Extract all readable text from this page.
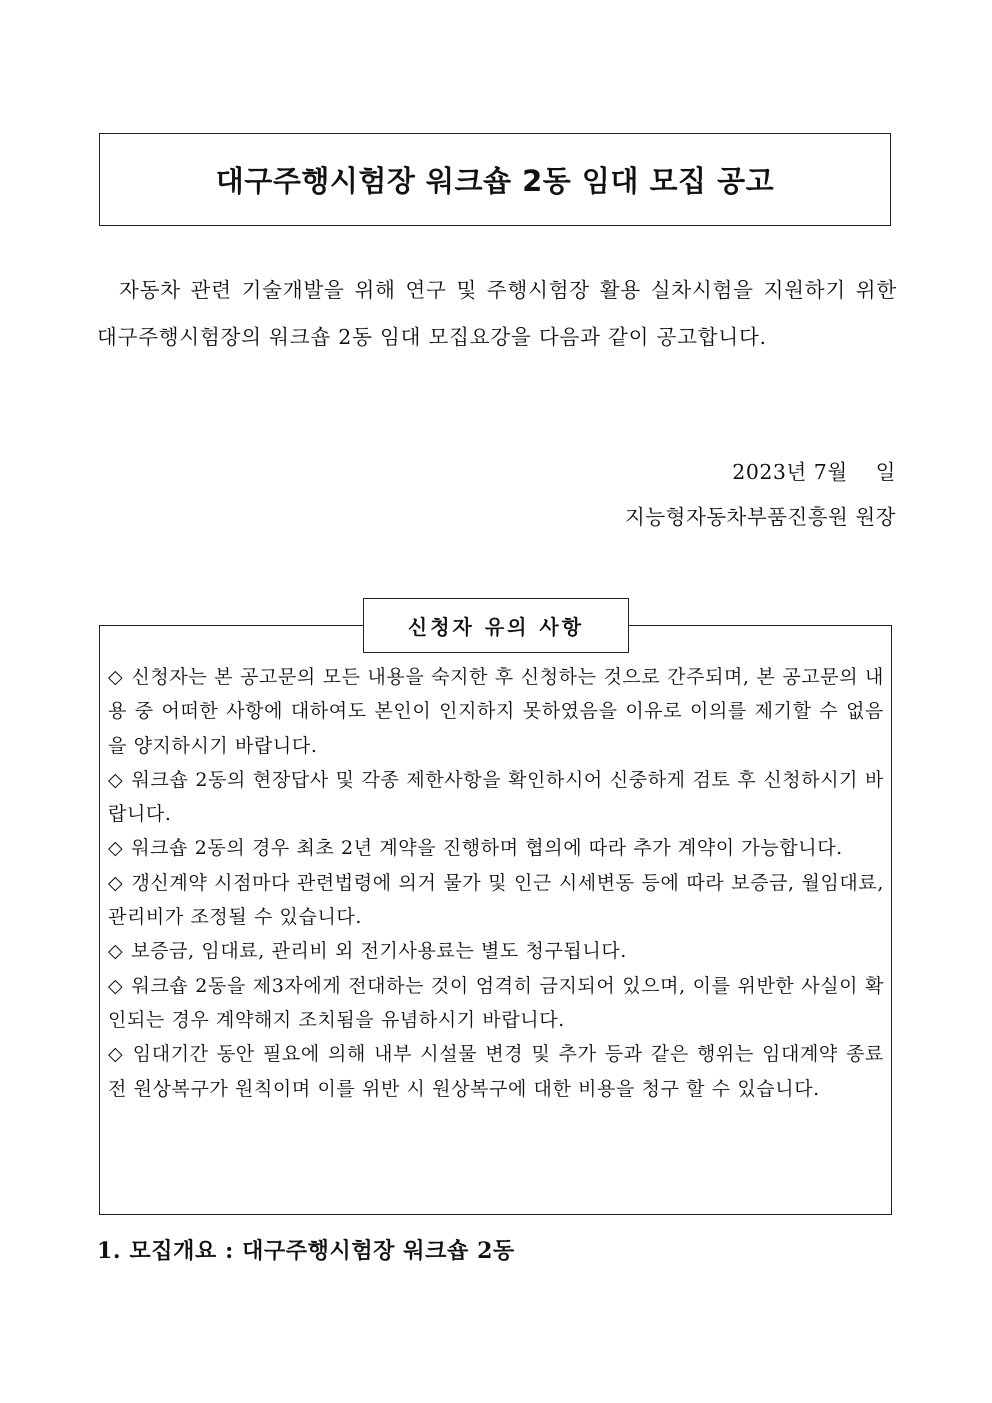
대구주행시험장 워크숍 2동 임대 모집 공고

자동차 관련 기술개발을 위해 연구 및 주행시험장 활용 실차시험을 지원하기 위한 대구주행시험장의 워크숍 2동 임대 모집요강을 다음과 같이 공고합니다.

2023년 7월    일
지능형자동차부품진흥원 원장
신청자 유의 사항
◇ 신청자는 본 공고문의 모든 내용을 숙지한 후 신청하는 것으로 간주되며, 본 공고문의 내용 중 어떠한 사항에 대하여도 본인이 인지하지 못하였음을 이유로 이의를 제기할 수 없음을 양지하시기 바랍니다.
◇ 워크숍 2동의 현장답사 및 각종 제한사항을 확인하시어 신중하게 검토 후 신청하시기 바랍니다.
◇ 워크숍 2동의 경우 최초 2년 계약을 진행하며 협의에 따라 추가 계약이 가능합니다.
◇ 갱신계약 시점마다 관련법령에 의거 물가 및 인근 시세변동 등에 따라 보증금, 월임대료, 관리비가 조정될 수 있습니다.
◇ 보증금, 임대료, 관리비 외 전기사용료는 별도 청구됩니다.
◇ 워크숍 2동을 제3자에게 전대하는 것이 엄격히 금지되어 있으며, 이를 위반한 사실이 확인되는 경우 계약해지 조치됨을 유념하시기 바랍니다.
◇ 임대기간 동안 필요에 의해 내부 시설물 변경 및 추가 등과 같은 행위는 임대계약 종료 전 원상복구가 원칙이며 이를 위반 시 원상복구에 대한 비용을 청구 할 수 있습니다.
1. 모집개요 : 대구주행시험장 워크숍 2동
